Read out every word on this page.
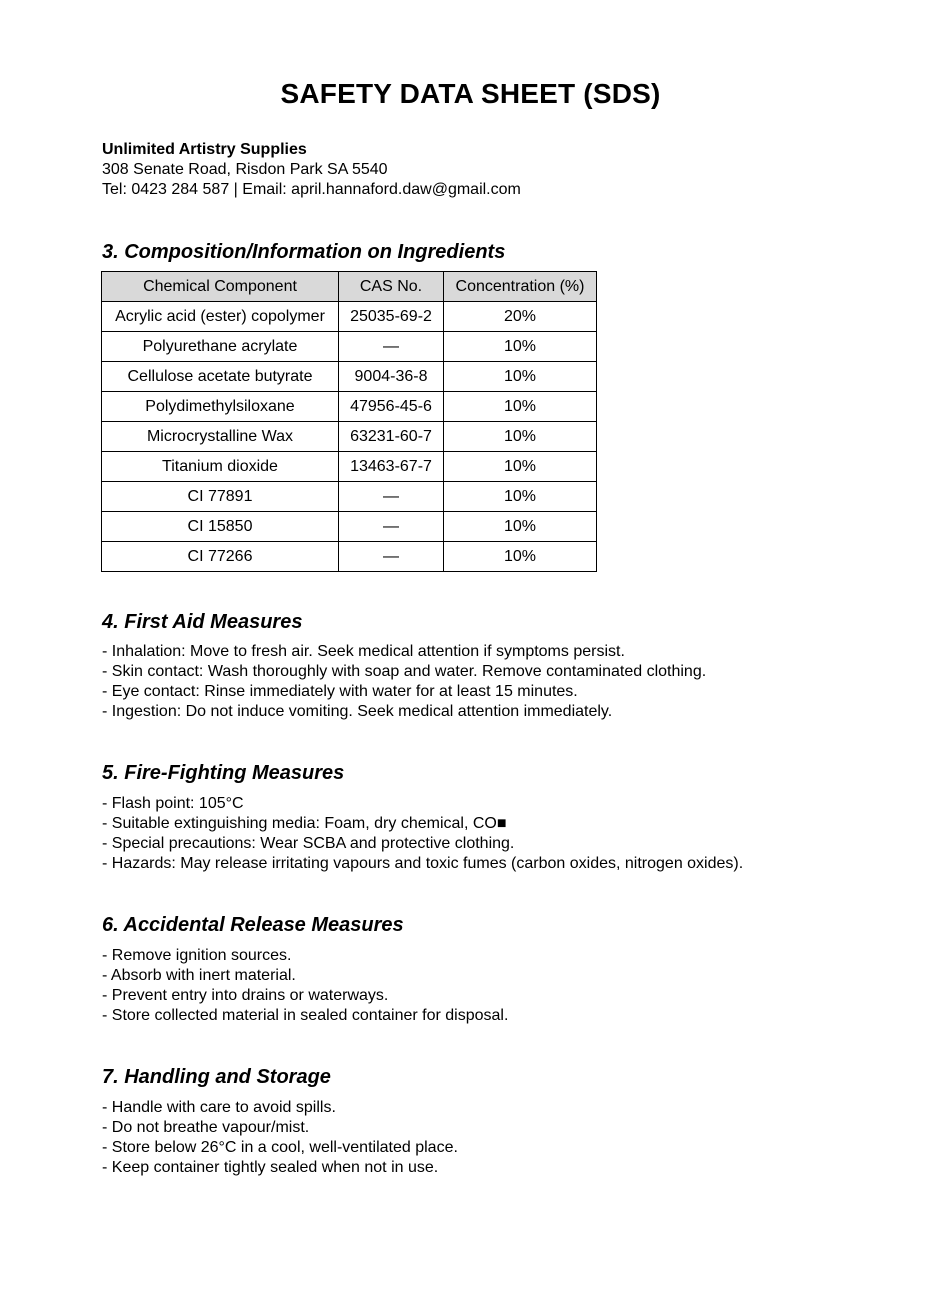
SAFETY DATA SHEET (SDS)
Unlimited Artistry Supplies
308 Senate Road, Risdon Park SA 5540
Tel: 0423 284 587 | Email: april.hannaford.daw@gmail.com
3. Composition/Information on Ingredients
Chemical Component	CAS No.	Concentration (%)
Acrylic acid (ester) copolymer	25035-69-2	20%
Polyurethane acrylate	—	10%
Cellulose acetate butyrate	9004-36-8	10%
Polydimethylsiloxane	47956-45-6	10%
Microcrystalline Wax	63231-60-7	10%
Titanium dioxide	13463-67-7	10%
CI 77891	—	10%
CI 15850	—	10%
CI 77266	—	10%
4. First Aid Measures
- Inhalation: Move to fresh air. Seek medical attention if symptoms persist.
- Skin contact: Wash thoroughly with soap and water. Remove contaminated clothing.
- Eye contact: Rinse immediately with water for at least 15 minutes.
- Ingestion: Do not induce vomiting. Seek medical attention immediately.
5. Fire-Fighting Measures
- Flash point: 105°C
- Suitable extinguishing media: Foam, dry chemical, CO■
- Special precautions: Wear SCBA and protective clothing.
- Hazards: May release irritating vapours and toxic fumes (carbon oxides, nitrogen oxides).
6. Accidental Release Measures
- Remove ignition sources.
- Absorb with inert material.
- Prevent entry into drains or waterways.
- Store collected material in sealed container for disposal.
7. Handling and Storage
- Handle with care to avoid spills.
- Do not breathe vapour/mist.
- Store below 26°C in a cool, well-ventilated place.
- Keep container tightly sealed when not in use.
